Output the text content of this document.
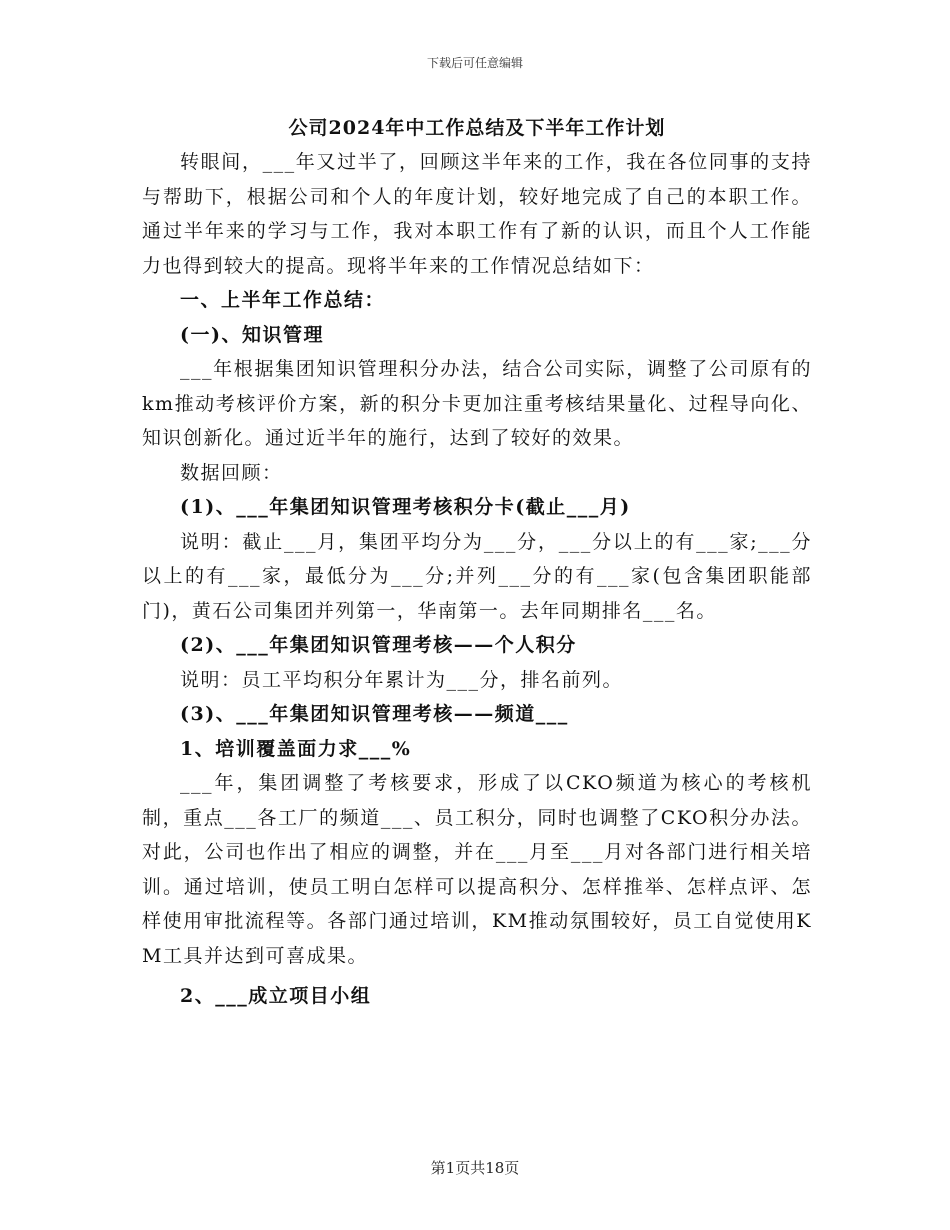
下载后可任意编辑
公司2024年中工作总结及下半年工作计划

转眼间，___年又过半了，回顾这半年来的工作，我在各位同事的支持与帮助下，根据公司和个人的年度计划，较好地完成了自己的本职工作。通过半年来的学习与工作，我对本职工作有了新的认识，而且个人工作能力也得到较大的提高。现将半年来的工作情况总结如下：

一、上半年工作总结：

(一)、知识管理

___年根据集团知识管理积分办法，结合公司实际，调整了公司原有的km推动考核评价方案，新的积分卡更加注重考核结果量化、过程导向化、知识创新化。通过近半年的施行，达到了较好的效果。

数据回顾：

(1)、___年集团知识管理考核积分卡(截止___月)

说明：截止___月，集团平均分为___分，___分以上的有___家;___分以上的有___家，最低分为___分;并列___分的有___家(包含集团职能部门)，黄石公司集团并列第一，华南第一。去年同期排名___名。

(2)、___年集团知识管理考核——个人积分

说明：员工平均积分年累计为___分，排名前列。

(3)、___年集团知识管理考核——频道___

1、培训覆盖面力求___%

___年，集团调整了考核要求，形成了以CKO频道为核心的考核机制，重点___各工厂的频道___、员工积分，同时也调整了CKO积分办法。对此，公司也作出了相应的调整，并在___月至___月对各部门进行相关培训。通过培训，使员工明白怎样可以提高积分、怎样推举、怎样点评、怎样使用审批流程等。各部门通过培训，KM推动氛围较好，员工自觉使用KM工具并达到可喜成果。

2、___成立项目小组

第1页共18页
